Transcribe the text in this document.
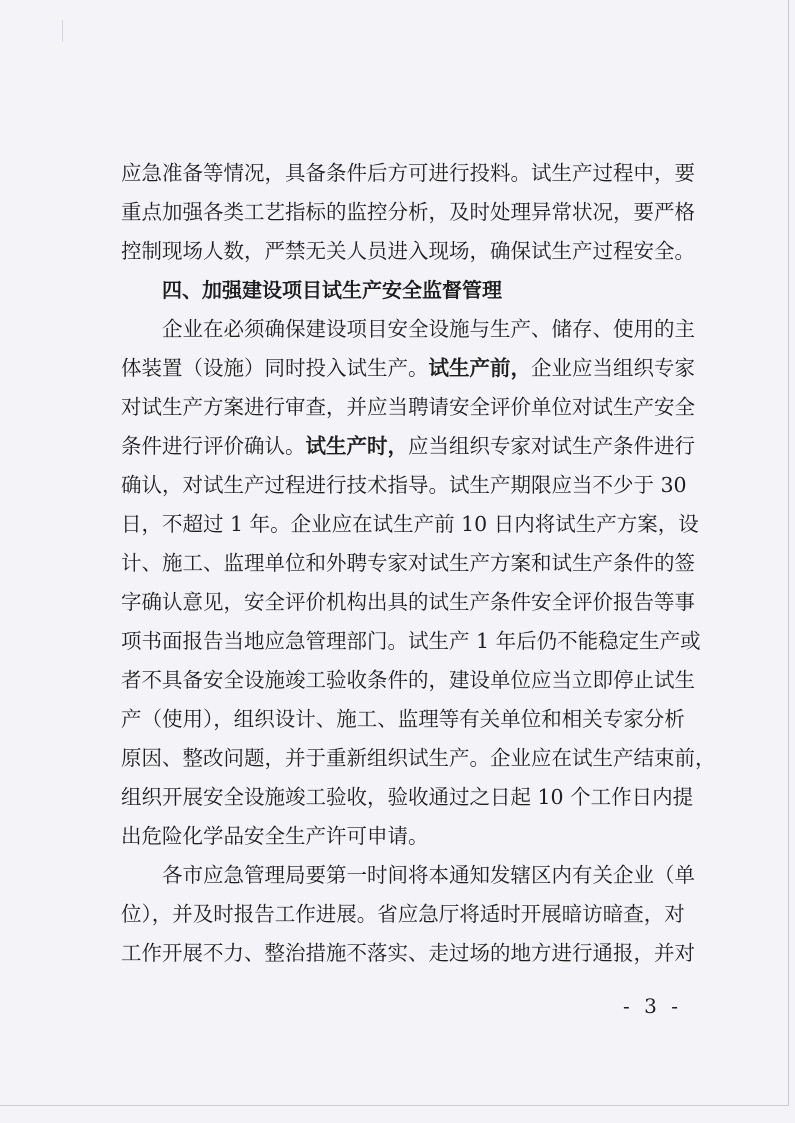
应急准备等情况，具备条件后方可进行投料。试生产过程中，要
重点加强各类工艺指标的监控分析，及时处理异常状况，要严格
控制现场人数，严禁无关人员进入现场，确保试生产过程安全。
四、加强建设项目试生产安全监督管理
企业在必须确保建设项目安全设施与生产、储存、使用的主
体装置（设施）同时投入试生产。试生产前，企业应当组织专家
对试生产方案进行审查，并应当聘请安全评价单位对试生产安全
条件进行评价确认。试生产时，应当组织专家对试生产条件进行
确认，对试生产过程进行技术指导。试生产期限应当不少于 30
日，不超过 1 年。企业应在试生产前 10 日内将试生产方案，设
计、施工、监理单位和外聘专家对试生产方案和试生产条件的签
字确认意见，安全评价机构出具的试生产条件安全评价报告等事
项书面报告当地应急管理部门。试生产 1 年后仍不能稳定生产或
者不具备安全设施竣工验收条件的，建设单位应当立即停止试生
产（使用），组织设计、施工、监理等有关单位和相关专家分析
原因、整改问题，并于重新组织试生产。企业应在试生产结束前，
组织开展安全设施竣工验收，验收通过之日起 10 个工作日内提
出危险化学品安全生产许可申请。
各市应急管理局要第一时间将本通知发辖区内有关企业（单
位），并及时报告工作进展。省应急厅将适时开展暗访暗查，对
工作开展不力、整治措施不落实、走过场的地方进行通报，并对
- 3 -
